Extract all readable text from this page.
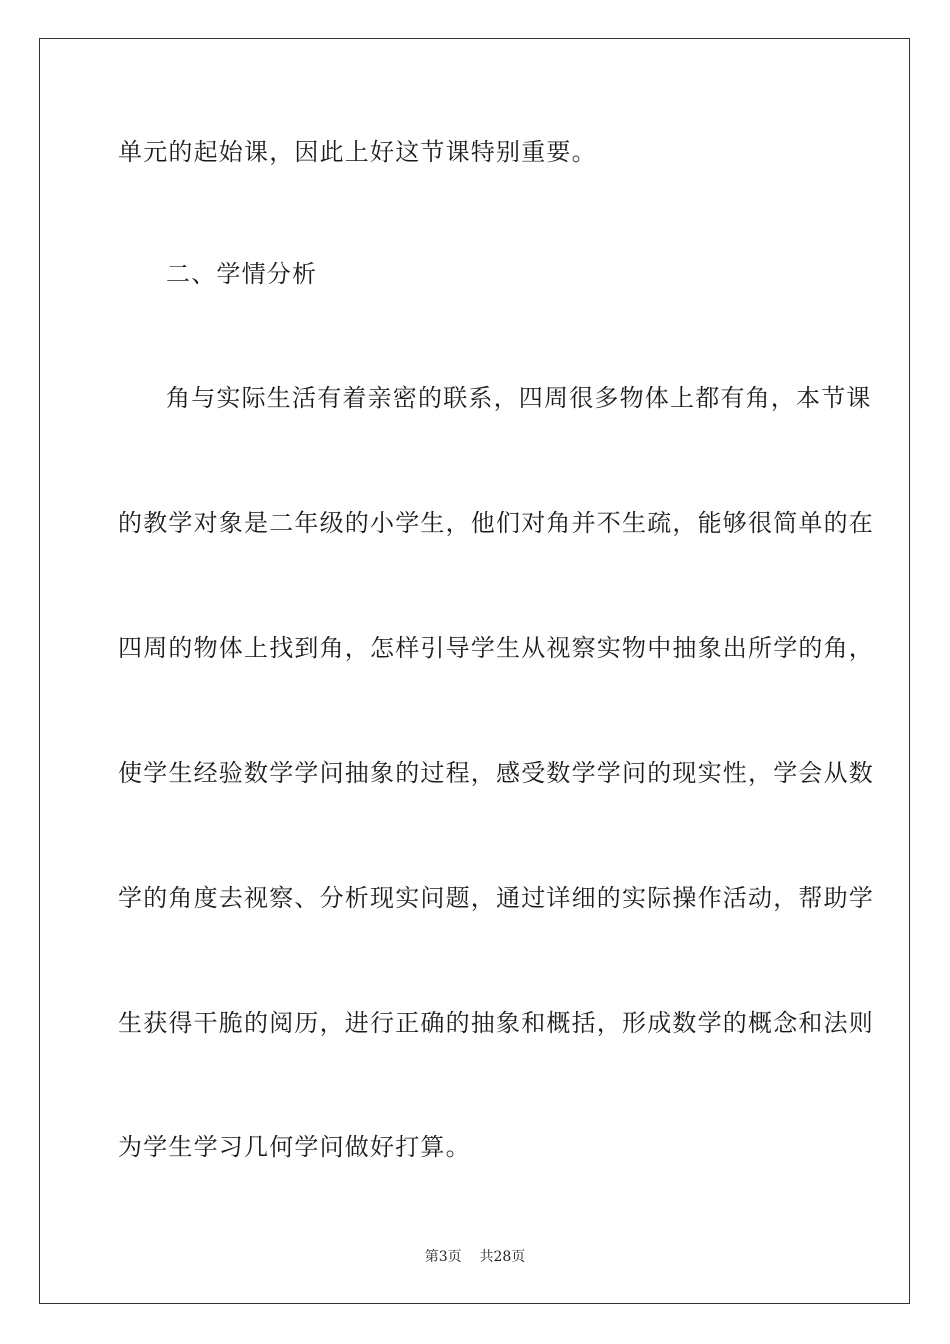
单元的起始课，因此上好这节课特别重要。
二、学情分析
角与实际生活有着亲密的联系，四周很多物体上都有角，本节课
的教学对象是二年级的小学生，他们对角并不生疏，能够很简单的在
四周的物体上找到角，怎样引导学生从视察实物中抽象出所学的角，
使学生经验数学学问抽象的过程，感受数学学问的现实性，学会从数
学的角度去视察、分析现实问题，通过详细的实际操作活动，帮助学
生获得干脆的阅历，进行正确的抽象和概括，形成数学的概念和法则
为学生学习几何学问做好打算。
第3页 共28页
